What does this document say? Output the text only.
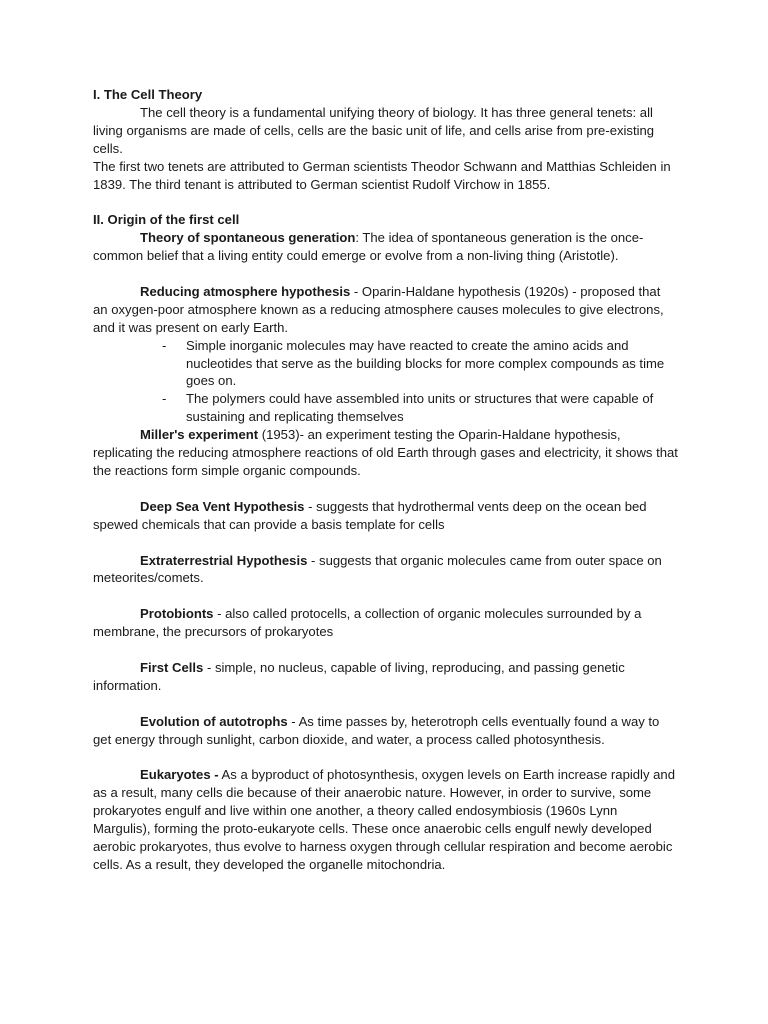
I. The Cell Theory

The cell theory is a fundamental unifying theory of biology. It has three general tenets: all living organisms are made of cells, cells are the basic unit of life, and cells arise from pre-existing cells.

The first two tenets are attributed to German scientists Theodor Schwann and Matthias Schleiden in 1839. The third tenant is attributed to German scientist Rudolf Virchow in 1855.

II. Origin of the first cell

Theory of spontaneous generation: The idea of spontaneous generation is the once-common belief that a living entity could emerge or evolve from a non-living thing (Aristotle).

Reducing atmosphere hypothesis - Oparin-Haldane hypothesis (1920s) - proposed that an oxygen-poor atmosphere known as a reducing atmosphere causes molecules to give electrons, and it was present on early Earth.

- Simple inorganic molecules may have reacted to create the amino acids and nucleotides that serve as the building blocks for more complex compounds as time goes on.
- The polymers could have assembled into units or structures that were capable of sustaining and replicating themselves

Miller's experiment (1953)- an experiment testing the Oparin-Haldane hypothesis, replicating the reducing atmosphere reactions of old Earth through gases and electricity, it shows that the reactions form simple organic compounds.

Deep Sea Vent Hypothesis - suggests that hydrothermal vents deep on the ocean bed spewed chemicals that can provide a basis template for cells

Extraterrestrial Hypothesis - suggests that organic molecules came from outer space on meteorites/comets.

Protobionts - also called protocells, a collection of organic molecules surrounded by a membrane, the precursors of prokaryotes

First Cells - simple, no nucleus, capable of living, reproducing, and passing genetic information.

Evolution of autotrophs - As time passes by, heterotroph cells eventually found a way to get energy through sunlight, carbon dioxide, and water, a process called photosynthesis.

Eukaryotes - As a byproduct of photosynthesis, oxygen levels on Earth increase rapidly and as a result, many cells die because of their anaerobic nature. However, in order to survive, some prokaryotes engulf and live within one another, a theory called endosymbiosis (1960s Lynn Margulis), forming the proto-eukaryote cells. These once anaerobic cells engulf newly developed aerobic prokaryotes, thus evolve to harness oxygen through cellular respiration and become aerobic cells. As a result, they developed the organelle mitochondria.
